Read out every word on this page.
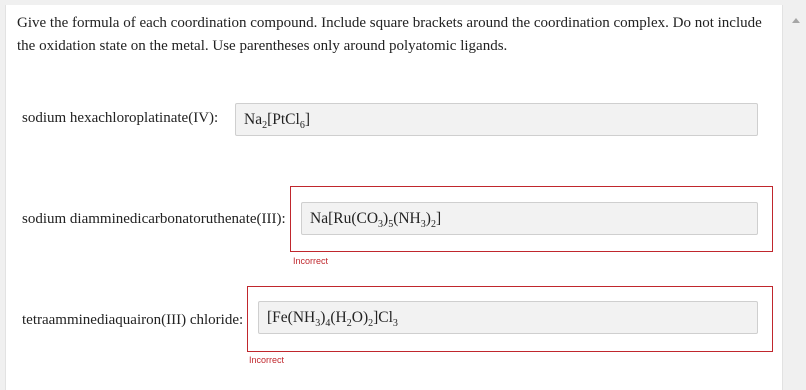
Give the formula of each coordination compound. Include square brackets around the coordination complex. Do not include the oxidation state on the metal. Use parentheses only around polyatomic ligands.
sodium hexachloroplatinate(IV):	$Na_2[PtCl_6]$
sodium diamminedicarbonatoruthenate(III):	$Na[Ru(CO_3)_5(NH_3)_2]$
Incorrect
tetraamminediaquairon(III) chloride:	$[Fe(NH_3)_4(H_2O)_2]Cl_3$
Incorrect
